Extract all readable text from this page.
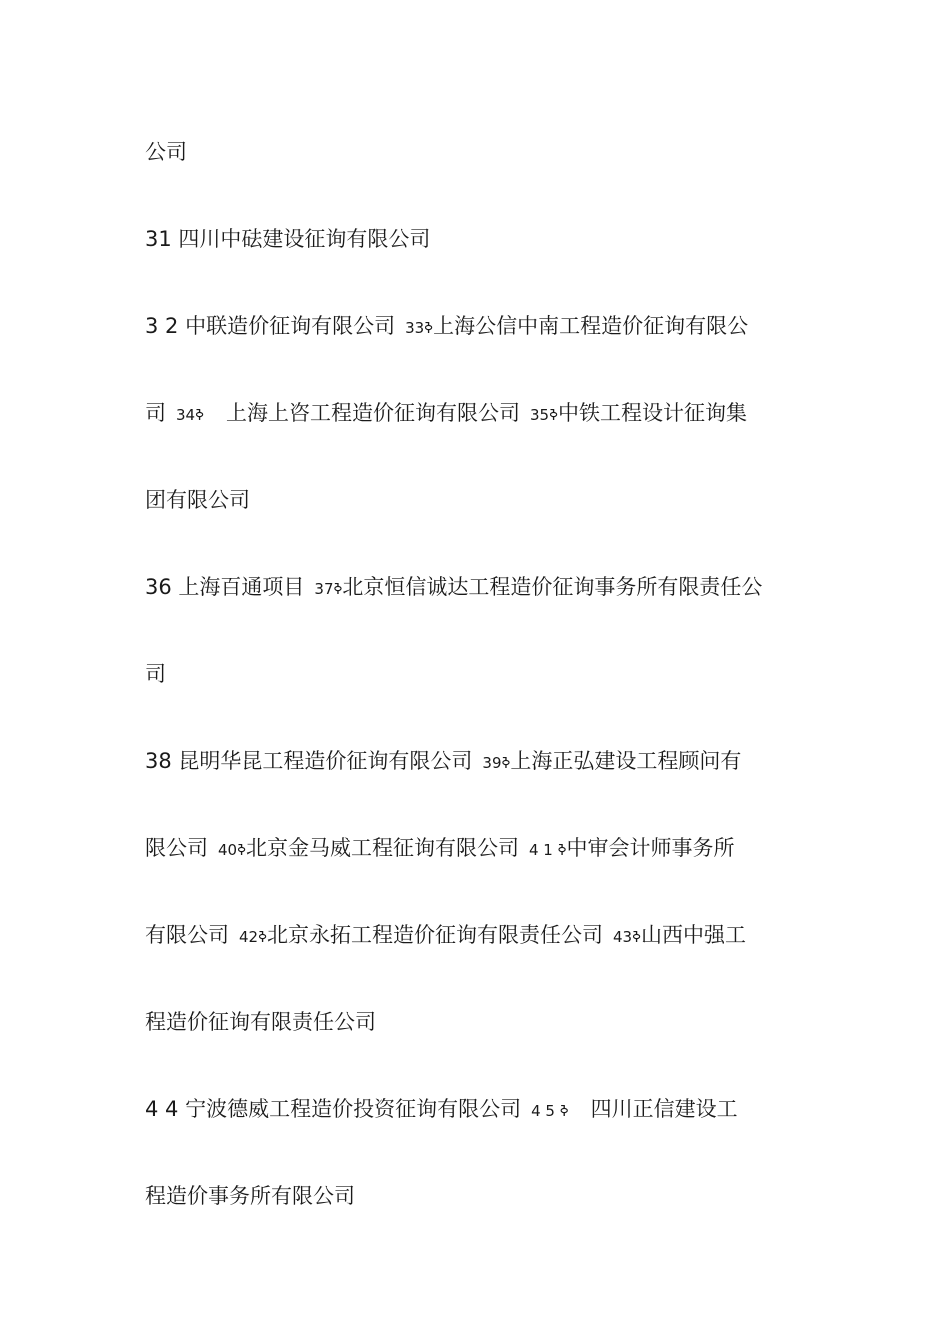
公司
31 四川中砝建设征询有限公司
3 2 中联造价征询有限公司 33ߢ上海公信中南工程造价征询有限公
司 34ߢ 上海上咨工程造价征询有限公司 35ߢ中铁工程设计征询集
团有限公司
36 上海百通项目 37ߢ北京恒信诚达工程造价征询事务所有限责任公
司
38 昆明华昆工程造价征询有限公司 39ߢ上海正弘建设工程顾问有
限公司 40ߢ北京金马威工程征询有限公司 4 1 ߢ中审会计师事务所
有限公司 42ߢ北京永拓工程造价征询有限责任公司 43ߢ山西中强工
程造价征询有限责任公司
4 4 宁波德威工程造价投资征询有限公司 4 5 ߢ 四川正信建设工
程造价事务所有限公司
